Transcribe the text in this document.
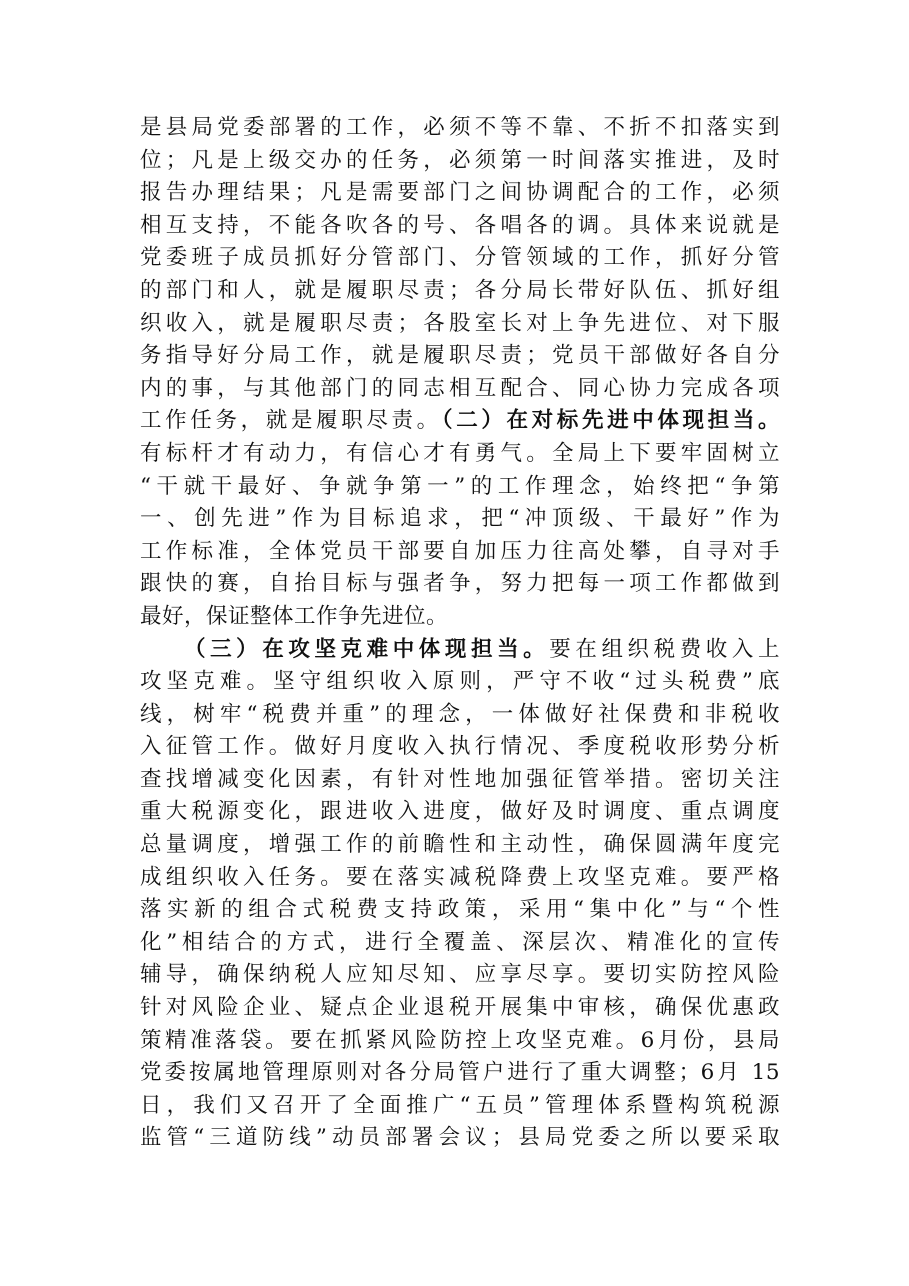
是县局党委部署的工作，必须不等不靠、不折不扣落实到
位；凡是上级交办的任务，必须第一时间落实推进，及时
报告办理结果；凡是需要部门之间协调配合的工作，必须
相互支持，不能各吹各的号、各唱各的调。具体来说就是
党委班子成员抓好分管部门、分管领域的工作，抓好分管
的部门和人，就是履职尽责；各分局长带好队伍、抓好组
织收入，就是履职尽责；各股室长对上争先进位、对下服
务指导好分局工作，就是履职尽责；党员干部做好各自分
内的事，与其他部门的同志相互配合、同心协力完成各项
工作任务，就是履职尽责。（二）在对标先进中体现担当。
有标杆才有动力，有信心才有勇气。全局上下要牢固树立
“干就干最好、争就争第一”的工作理念，始终把“争第
一、创先进”作为目标追求，把“冲顶级、干最好”作为
工作标准，全体党员干部要自加压力往高处攀，自寻对手
跟快的赛，自抬目标与强者争，努力把每一项工作都做到
最好，保证整体工作争先进位。
（三）在攻坚克难中体现担当。要在组织税费收入上
攻坚克难。坚守组织收入原则，严守不收“过头税费”底
线，树牢“税费并重”的理念，一体做好社保费和非税收
入征管工作。做好月度收入执行情况、季度税收形势分析
查找增减变化因素，有针对性地加强征管举措。密切关注
重大税源变化，跟进收入进度，做好及时调度、重点调度
总量调度，增强工作的前瞻性和主动性，确保圆满年度完
成组织收入任务。要在落实减税降费上攻坚克难。要严格
落实新的组合式税费支持政策，采用“集中化”与“个性
化”相结合的方式，进行全覆盖、深层次、精准化的宣传
辅导，确保纳税人应知尽知、应享尽享。要切实防控风险
针对风险企业、疑点企业退税开展集中审核，确保优惠政
策精准落袋。要在抓紧风险防控上攻坚克难。6月份，县局
党委按属地管理原则对各分局管户进行了重大调整；6月 15
日，我们又召开了全面推广“五员”管理体系暨构筑税源
监管“三道防线”动员部署会议；县局党委之所以要采取
